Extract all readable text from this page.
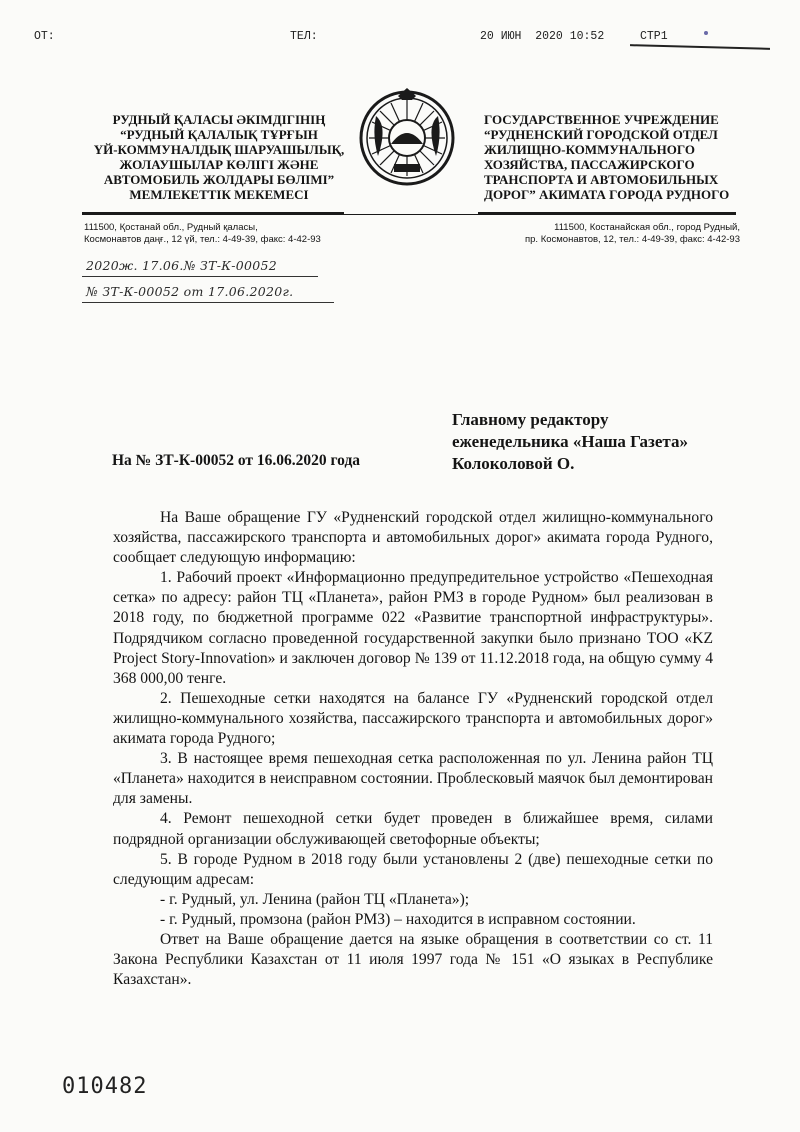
ОТ:	ТЕЛ:	20 ИЮН  2020 10:52	СТР1
РУДНЫЙ ҚАЛАСЫ ӘКІМДІГІНІҢ
“РУДНЫЙ ҚАЛАЛЫҚ ТҰРҒЫН
ҮЙ-КОММУНАЛДЫҚ ШАРУАШЫЛЫҚ,
ЖОЛАУШЫЛАР КӨЛІГІ ЖӘНЕ
АВТОМОБИЛЬ ЖОЛДАРЫ БӨЛІМІ”
МЕМЛЕКЕТТІК МЕКЕМЕСІ
ГОСУДАРСТВЕННОЕ УЧРЕЖДЕНИЕ
“РУДНЕНСКИЙ ГОРОДСКОЙ ОТДЕЛ
ЖИЛИЩНО-КОММУНАЛЬНОГО
ХОЗЯЙСТВА, ПАССАЖИРСКОГО
ТРАНСПОРТА И АВТОМОБИЛЬНЫХ
ДОРОГ” АКИМАТА ГОРОДА РУДНОГО
111500, Қостанай обл., Рудный қаласы,
Космонавтов даңғ., 12 үй, тел.: 4-49-39, факс: 4-42-93
111500, Костанайская обл., город Рудный,
пр. Космонавтов, 12, тел.: 4-49-39, факс: 4-42-93
2020ж. 17.06.№ ЗТ-К-00052
№ ЗТ-К-00052 от 17.06.2020г.
Главному редактору
еженедельника «Наша Газета»
Колоколовой О.
На № ЗТ-К-00052 от 16.06.2020 года

На Ваше обращение ГУ «Рудненский городской отдел жилищно-коммунального хозяйства, пассажирского транспорта и автомобильных дорог» акимата города Рудного, сообщает следующую информацию:

1. Рабочий проект «Информационно предупредительное устройство «Пешеходная сетка» по адресу: район ТЦ «Планета», район РМЗ в городе Рудном» был реализован в 2018 году, по бюджетной программе 022 «Развитие транспортной инфраструктуры». Подрядчиком согласно проведенной государственной закупки было признано ТОО «KZ Project Story-Innovation» и заключен договор № 139 от 11.12.2018 года, на общую сумму 4 368 000,00 тенге.

2. Пешеходные сетки находятся на балансе ГУ «Рудненский городской отдел жилищно-коммунального хозяйства, пассажирского транспорта и автомобильных дорог» акимата города Рудного;

3. В настоящее время пешеходная сетка расположенная по ул. Ленина район ТЦ «Планета» находится в неисправном состоянии. Проблесковый маячок был демонтирован для замены.

4. Ремонт пешеходной сетки будет проведен в ближайшее время, силами подрядной организации обслуживающей светофорные объекты;

5. В городе Рудном в 2018 году были установлены 2 (две) пешеходные сетки по следующим адресам:

- г. Рудный, ул. Ленина (район ТЦ «Планета»);

- г. Рудный, промзона (район РМЗ) – находится в исправном состоянии.

Ответ на Ваше обращение дается на языке обращения в соответствии со ст. 11 Закона Республики Казахстан от 11 июля 1997 года № 151 «О языках в Республике Казахстан».

010482
